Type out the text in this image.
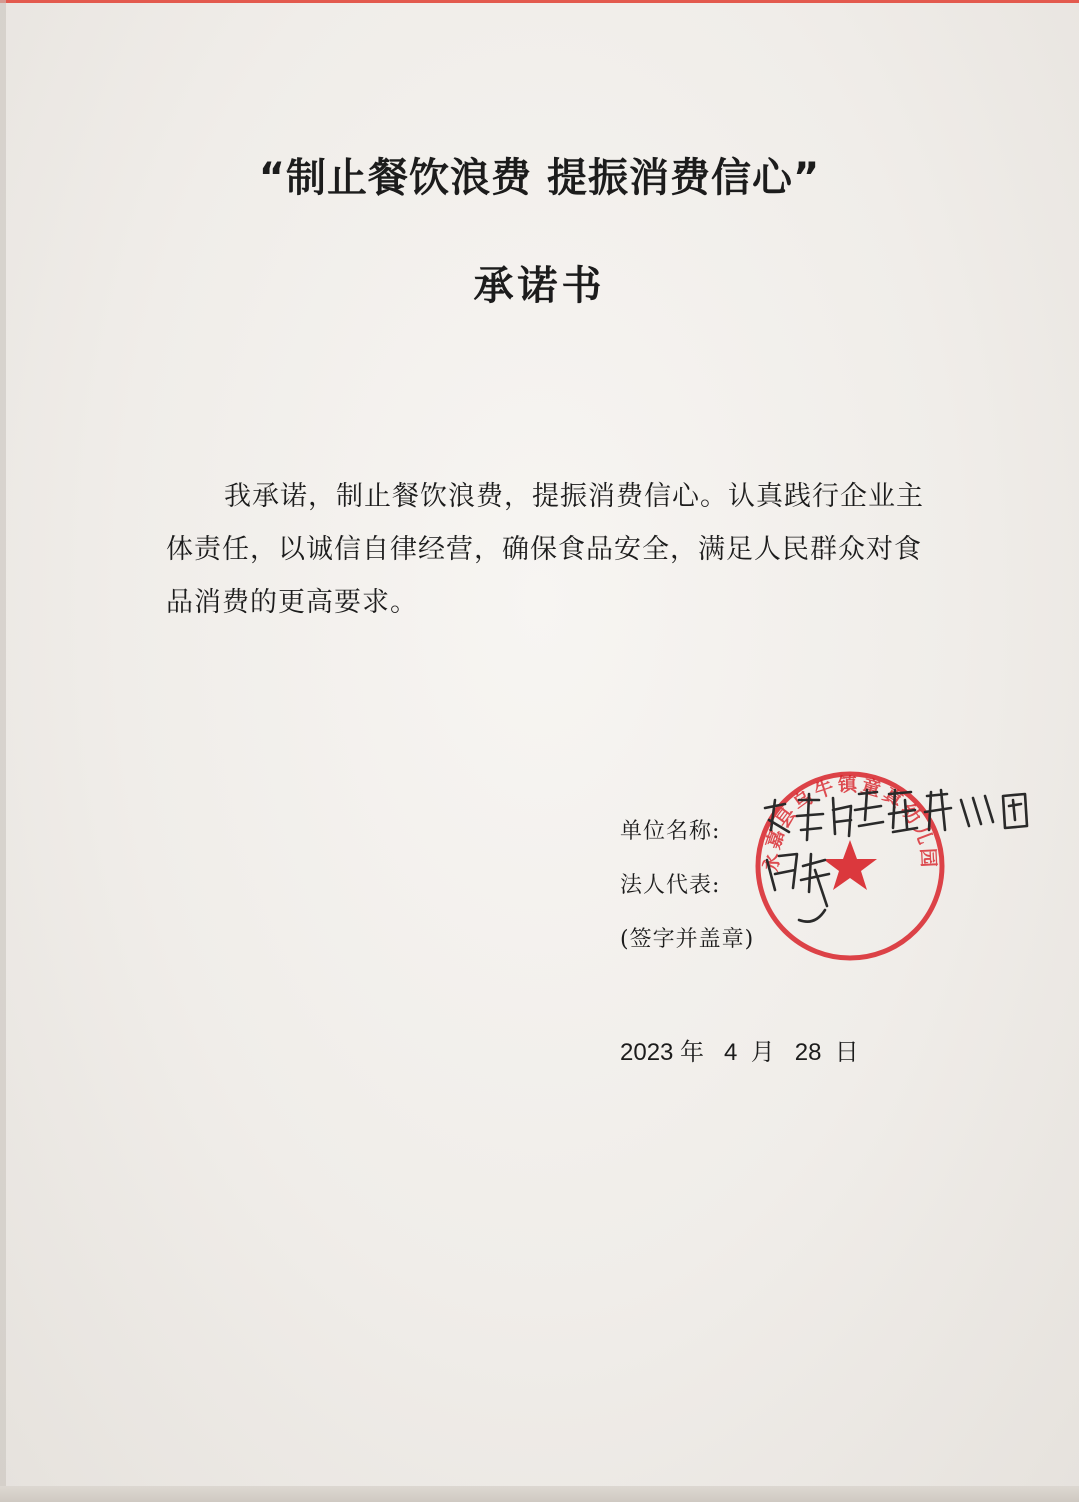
“制止餐饮浪费 提振消费信心”
承诺书

我承诺，制止餐饮浪费，提振消费信心。认真践行企业主体责任，以诚信自律经营，确保食品安全，满足人民群众对食品消费的更高要求。

单位名称:
法人代表:
(签字并盖章)
2023 年   4  月   28  日
永嘉县乌牛镇童真幼儿园
